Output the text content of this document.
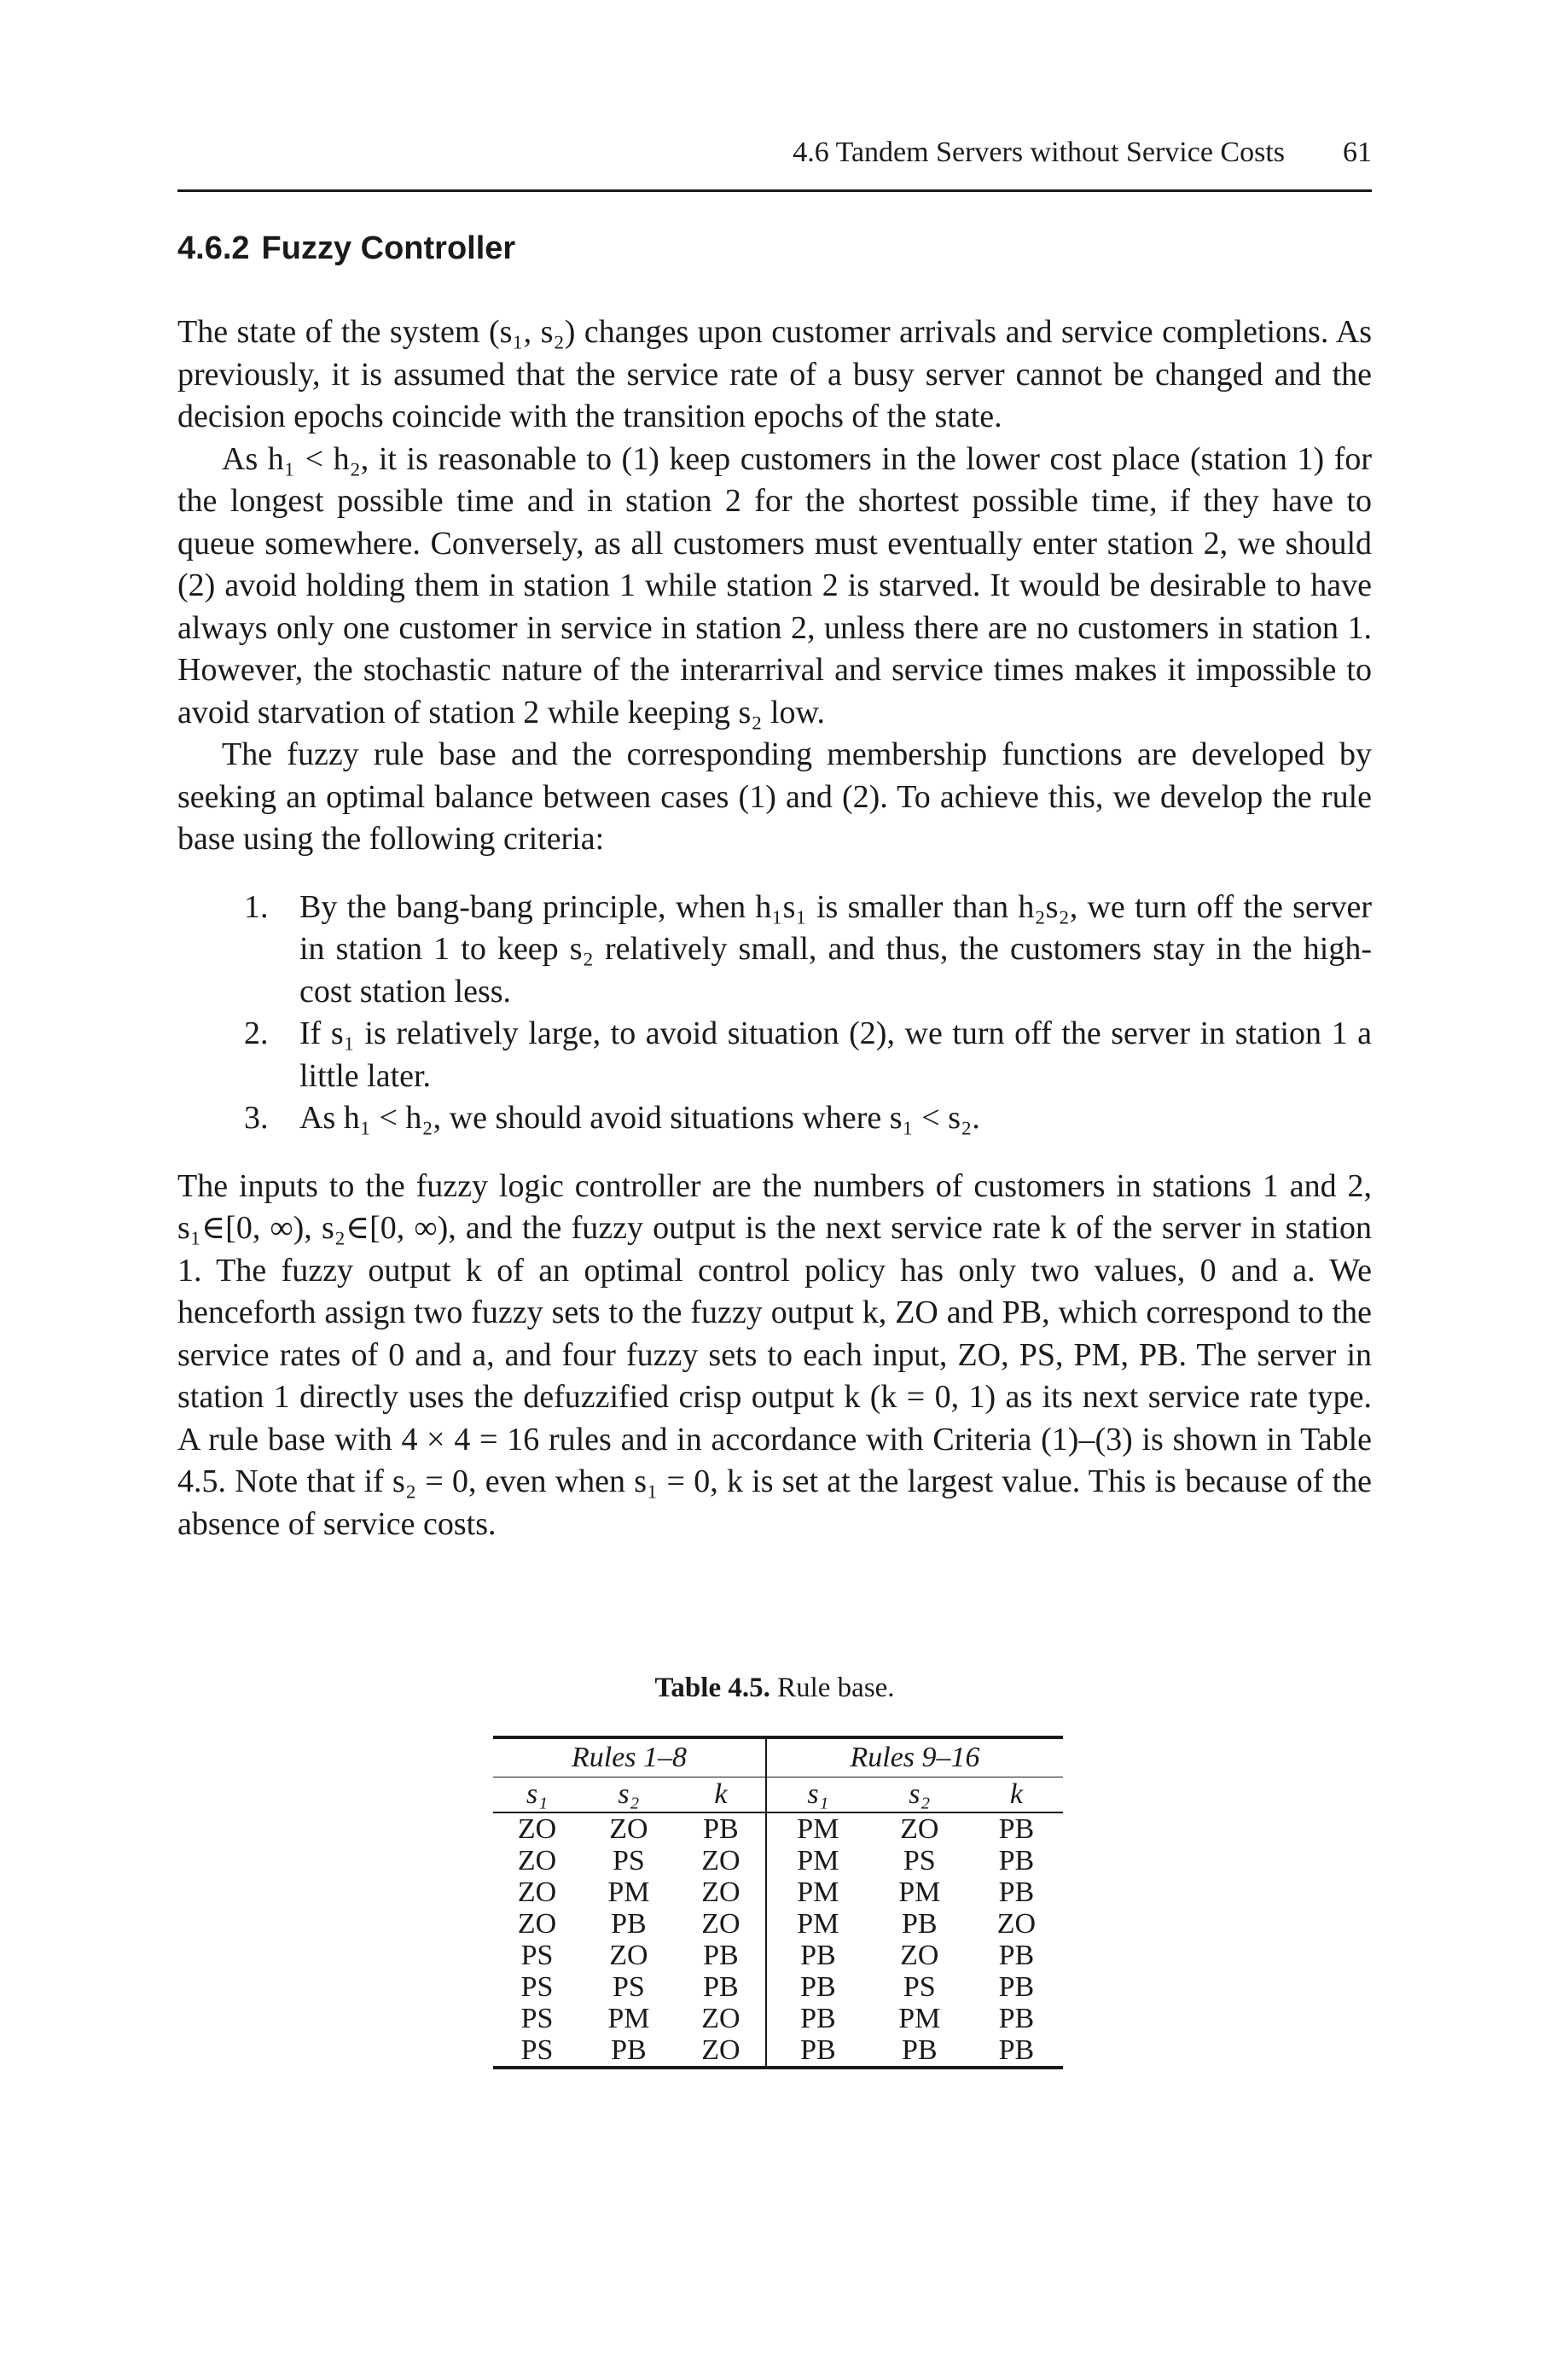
4.6 Tandem Servers without Service Costs 61
4.6.2 Fuzzy Controller

The state of the system (s₁, s₂) changes upon customer arrivals and service completions. As previously, it is assumed that the service rate of a busy server cannot be changed and the decision epochs coincide with the transition epochs of the state.

As h₁ < h₂, it is reasonable to (1) keep customers in the lower cost place (station 1) for the longest possible time and in station 2 for the shortest possible time, if they have to queue somewhere. Conversely, as all customers must eventually enter station 2, we should (2) avoid holding them in station 1 while station 2 is starved. It would be desirable to have always only one customer in service in station 2, unless there are no customers in station 1. However, the stochastic nature of the interarrival and service times makes it impossible to avoid starvation of station 2 while keeping s₂ low.

The fuzzy rule base and the corresponding membership functions are developed by seeking an optimal balance between cases (1) and (2). To achieve this, we develop the rule base using the following criteria:

1. By the bang-bang principle, when h₁s₁ is smaller than h₂s₂, we turn off the server in station 1 to keep s₂ relatively small, and thus, the customers stay in the high-cost station less.
2. If s₁ is relatively large, to avoid situation (2), we turn off the server in station 1 a little later.
3. As h₁ < h₂, we should avoid situations where s₁ < s₂.

The inputs to the fuzzy logic controller are the numbers of customers in stations 1 and 2, s₁∈[0, ∞), s₂∈[0, ∞), and the fuzzy output is the next service rate k of the server in station 1. The fuzzy output k of an optimal control policy has only two values, 0 and a. We henceforth assign two fuzzy sets to the fuzzy output k, ZO and PB, which correspond to the service rates of 0 and a, and four fuzzy sets to each input, ZO, PS, PM, PB. The server in station 1 directly uses the defuzzified crisp output k (k = 0, 1) as its next service rate type. A rule base with 4 × 4 = 16 rules and in accordance with Criteria (1)–(3) is shown in Table 4.5. Note that if s₂ = 0, even when s₁ = 0, k is set at the largest value. This is because of the absence of service costs.

Table 4.5. Rule base.
Rules 1–8			Rules 9–16		
s₁	s₂	k	s₁	s₂	k
ZO	ZO	PB	PM	ZO	PB
ZO	PS	ZO	PM	PS	PB
ZO	PM	ZO	PM	PM	PB
ZO	PB	ZO	PM	PB	ZO
PS	ZO	PB	PB	ZO	PB
PS	PS	PB	PB	PS	PB
PS	PM	ZO	PB	PM	PB
PS	PB	ZO	PB	PB	PB
